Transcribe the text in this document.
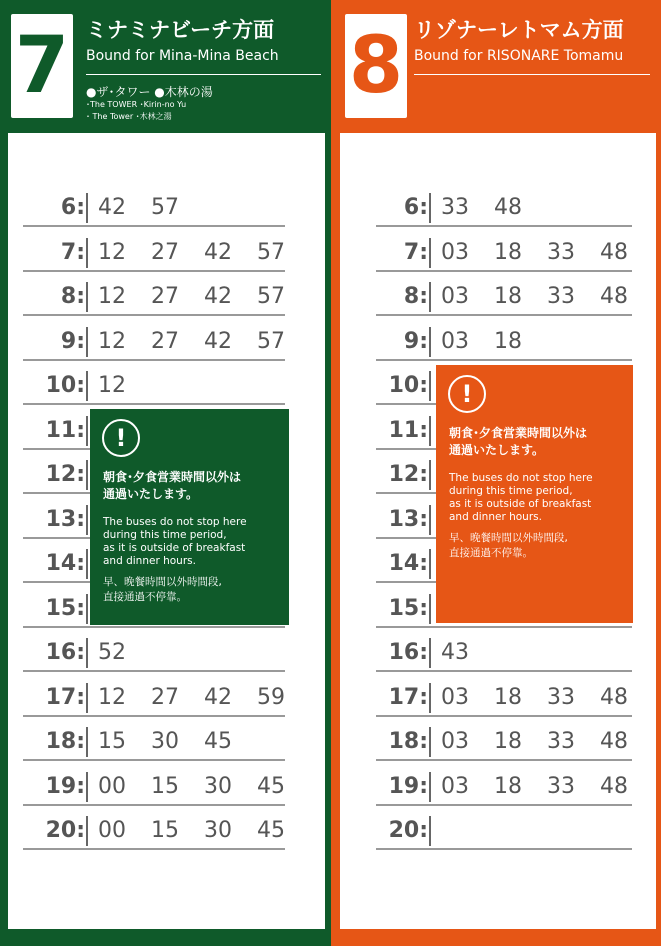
7 ミナミナビーチ方面
Bound for Mina-Mina Beach
●ザ･タワー ●木林の湯
･The TOWER ･Kirin-no Yu
･ The Tower ･木林之湯
6: 42 57
7: 12 27 42 57
8: 12 27 42 57
9: 12 27 42 57
10: 12
11:
12:
13:
14:
15:
16: 52
17: 12 27 42 59
18: 15 30 45
19: 00 15 30 45
20: 00 15 30 45
!
朝食･夕食営業時間以外は
通過いたします。
The buses do not stop here
during this time period,
as it is outside of breakfast
and dinner hours.
早、晚餐時間以外時間段,
直接通過不停靠。
8 リゾナーレトマム方面
Bound for RISONARE Tomamu
6: 33 48
7: 03 18 33 48
8: 03 18 33 48
9: 03 18
10:
11:
12:
13:
14:
15:
16: 43
17: 03 18 33 48
18: 03 18 33 48
19: 03 18 33 48
20:
!
朝食･夕食営業時間以外は
通過いたします。
The buses do not stop here
during this time period,
as it is outside of breakfast
and dinner hours.
早、晚餐時間以外時間段,
直接通過不停靠。
